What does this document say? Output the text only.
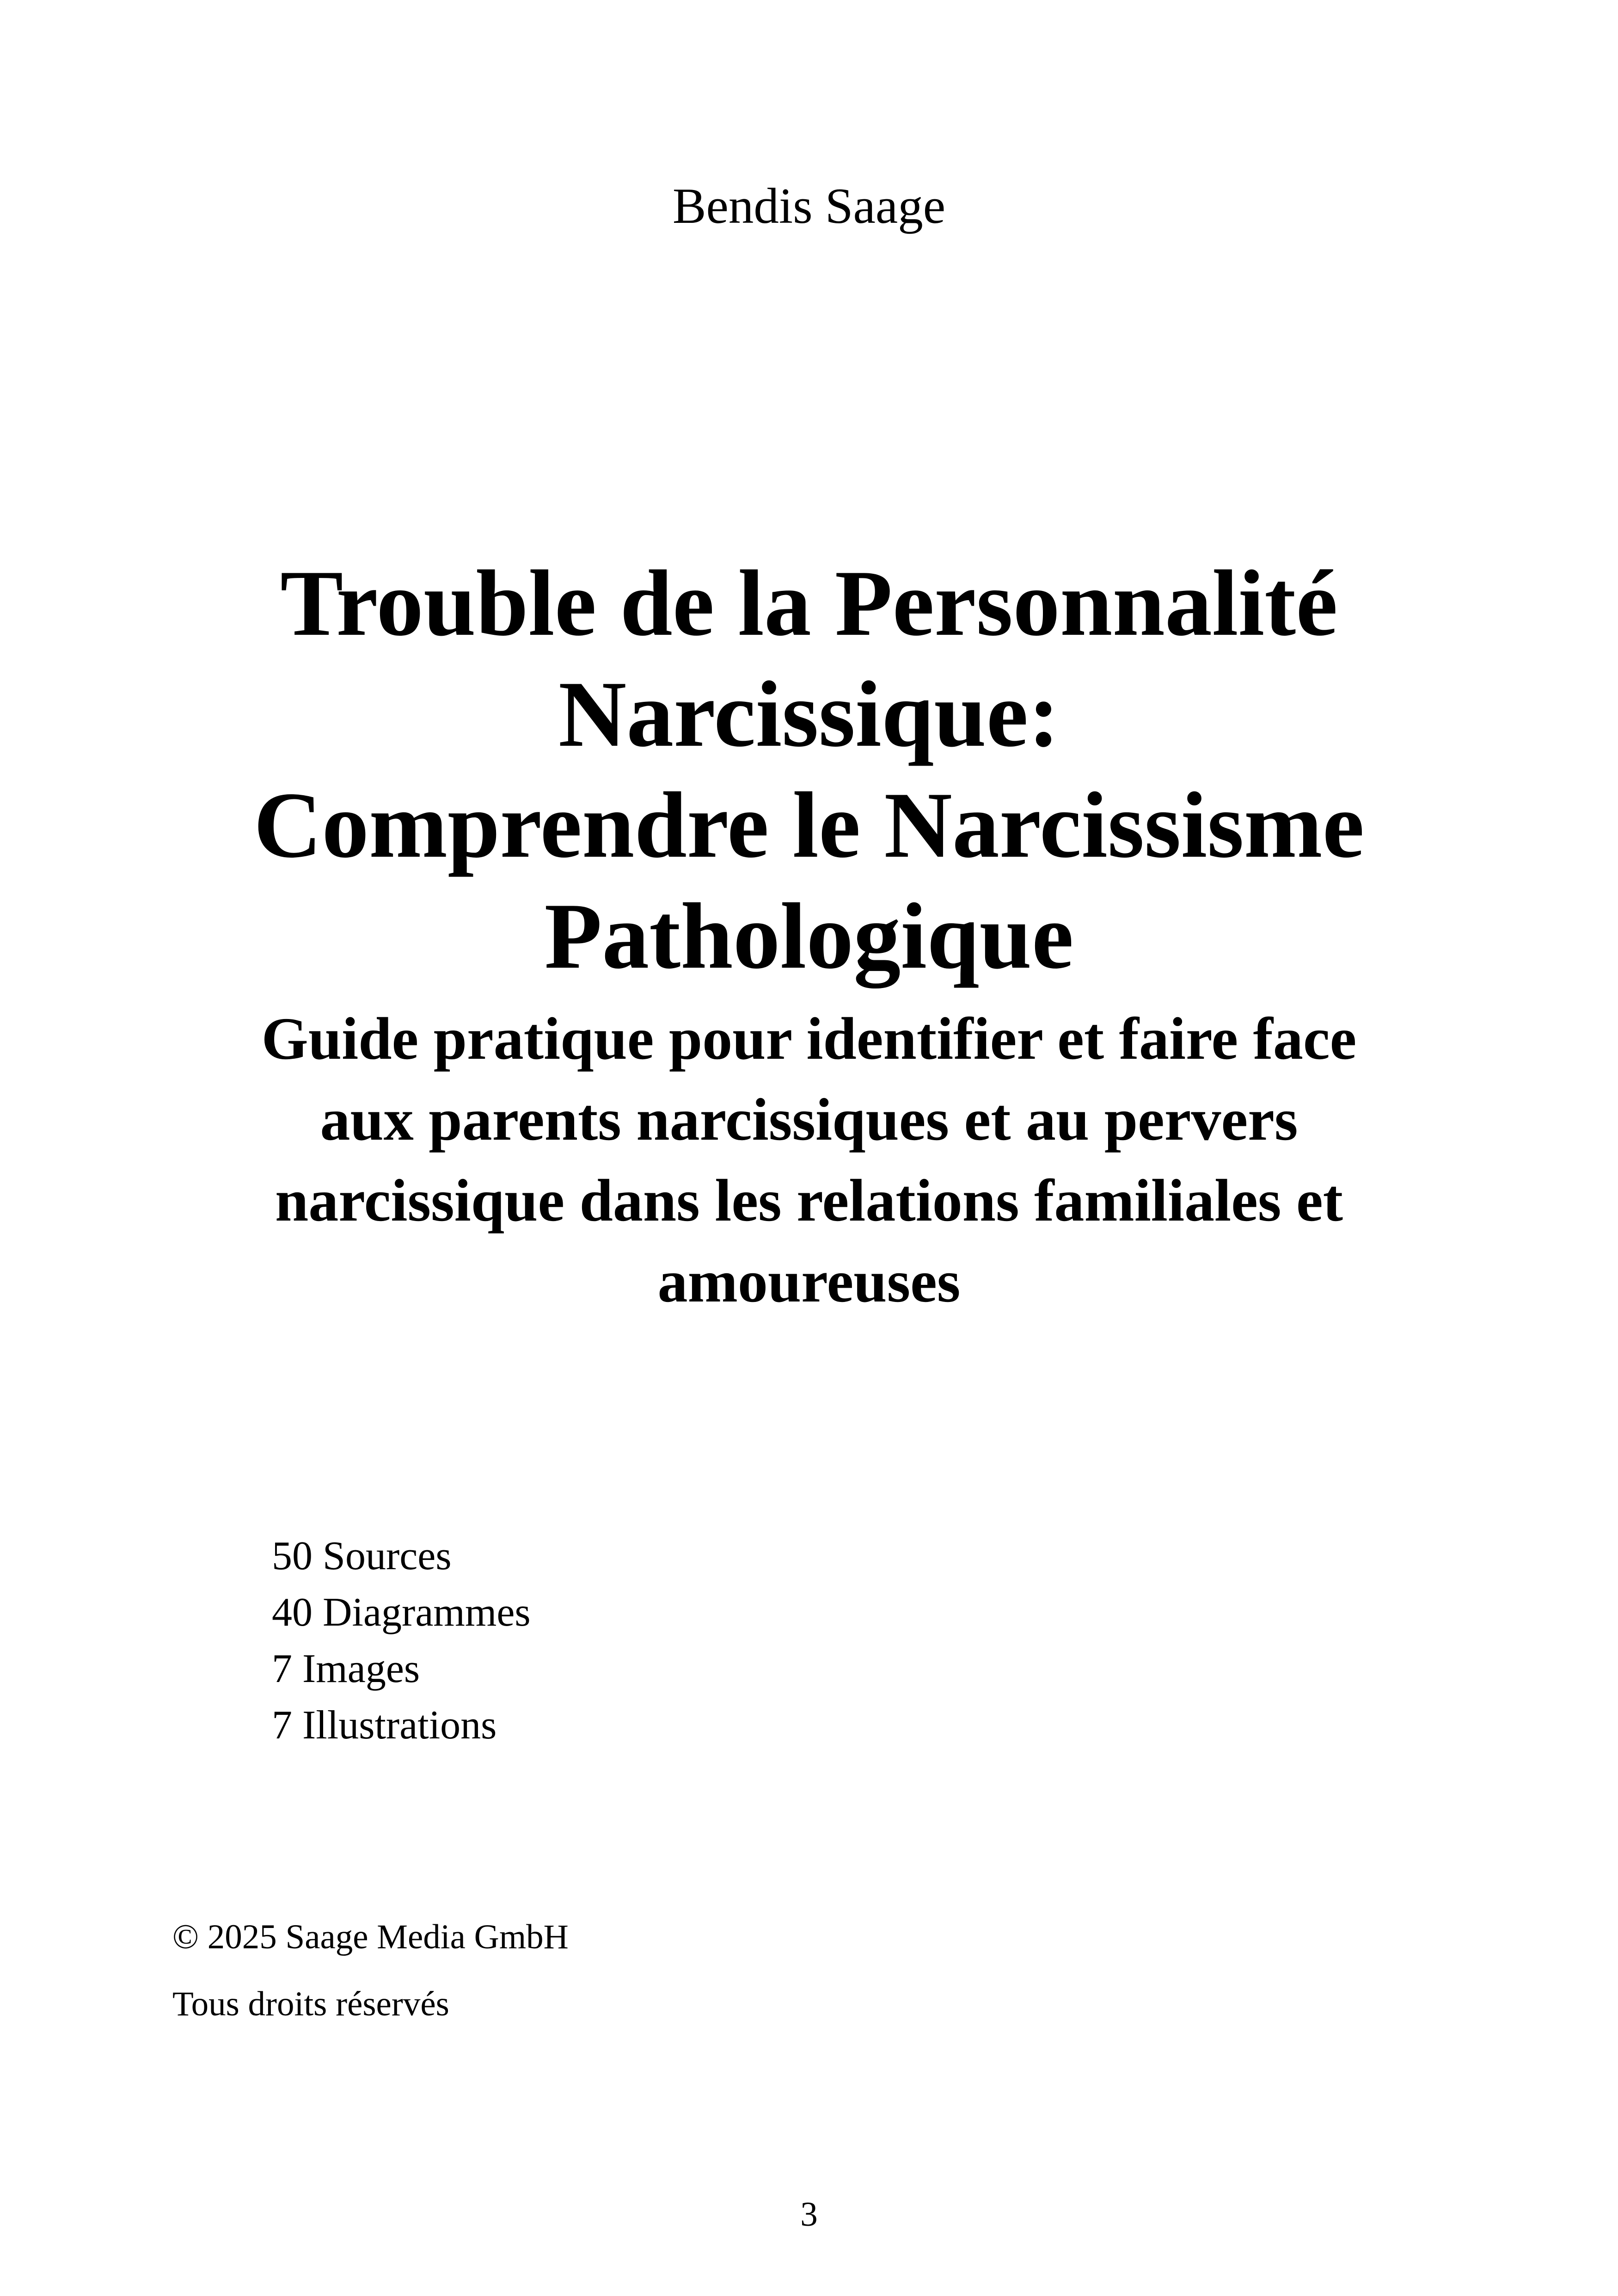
Bendis Saage

Trouble de la Personnalité
Narcissique:
Comprendre le Narcissisme
Pathologique
Guide pratique pour identifier et faire face
aux parents narcissiques et au pervers
narcissique dans les relations familiales et
amoureuses
50 Sources
40 Diagrammes
7 Images
7 Illustrations

© 2025 Saage Media GmbH

Tous droits réservés

3
